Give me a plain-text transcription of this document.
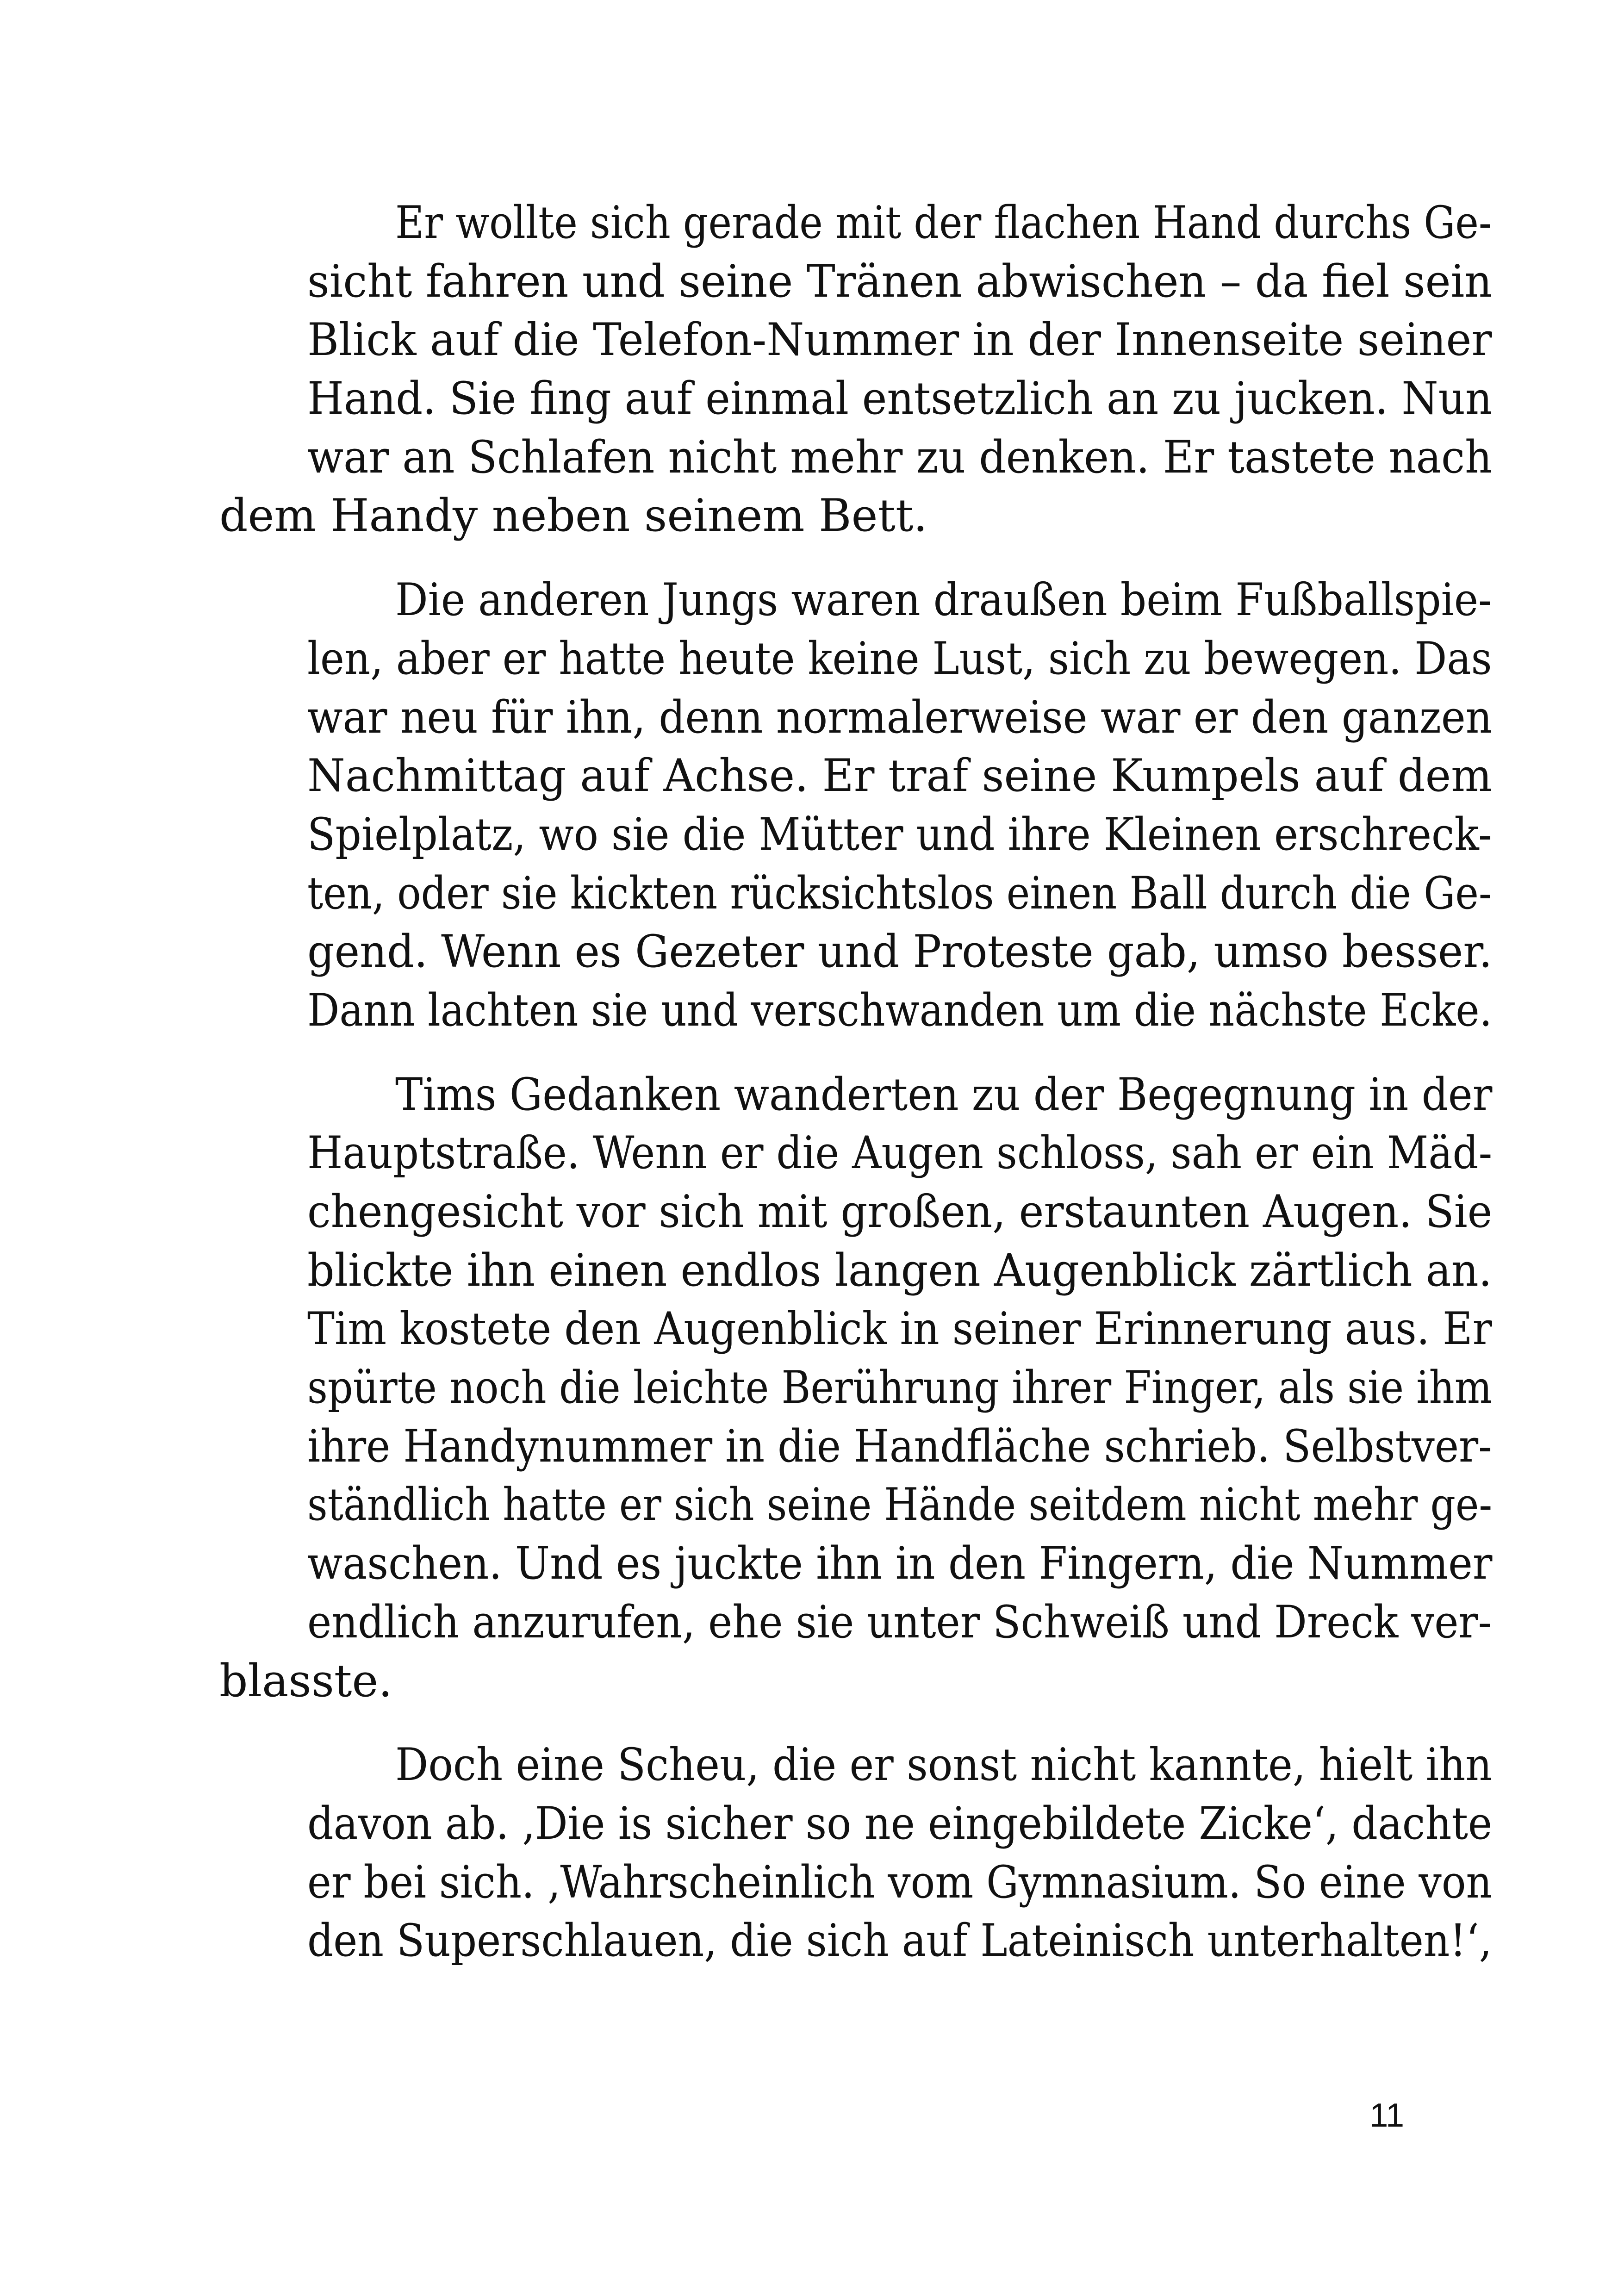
Er wollte sich gerade mit der flachen Hand durchs Ge-
sicht fahren und seine Tränen abwischen – da fiel sein
Blick auf die Telefon-Nummer in der Innenseite seiner
Hand. Sie fing auf einmal entsetzlich an zu jucken. Nun
war an Schlafen nicht mehr zu denken. Er tastete nach
dem Handy neben seinem Bett.

Die anderen Jungs waren draußen beim Fußballspie-
len, aber er hatte heute keine Lust, sich zu bewegen. Das
war neu für ihn, denn normalerweise war er den ganzen
Nachmittag auf Achse. Er traf seine Kumpels auf dem
Spielplatz, wo sie die Mütter und ihre Kleinen erschreck-
ten, oder sie kickten rücksichtslos einen Ball durch die Ge-
gend. Wenn es Gezeter und Proteste gab, umso besser.
Dann lachten sie und verschwanden um die nächste Ecke.

Tims Gedanken wanderten zu der Begegnung in der
Hauptstraße. Wenn er die Augen schloss, sah er ein Mäd-
chengesicht vor sich mit großen, erstaunten Augen. Sie
blickte ihn einen endlos langen Augenblick zärtlich an.
Tim kostete den Augenblick in seiner Erinnerung aus. Er
spürte noch die leichte Berührung ihrer Finger, als sie ihm
ihre Handynummer in die Handfläche schrieb. Selbstver-
ständlich hatte er sich seine Hände seitdem nicht mehr ge-
waschen. Und es juckte ihn in den Fingern, die Nummer
endlich anzurufen, ehe sie unter Schweiß und Dreck ver-
blasste.

Doch eine Scheu, die er sonst nicht kannte, hielt ihn
davon ab. ‚Die is sicher so ne eingebildete Zicke‘, dachte
er bei sich. ‚Wahrscheinlich vom Gymnasium. So eine von
den Superschlauen, die sich auf Lateinisch unterhalten!‘,

11
